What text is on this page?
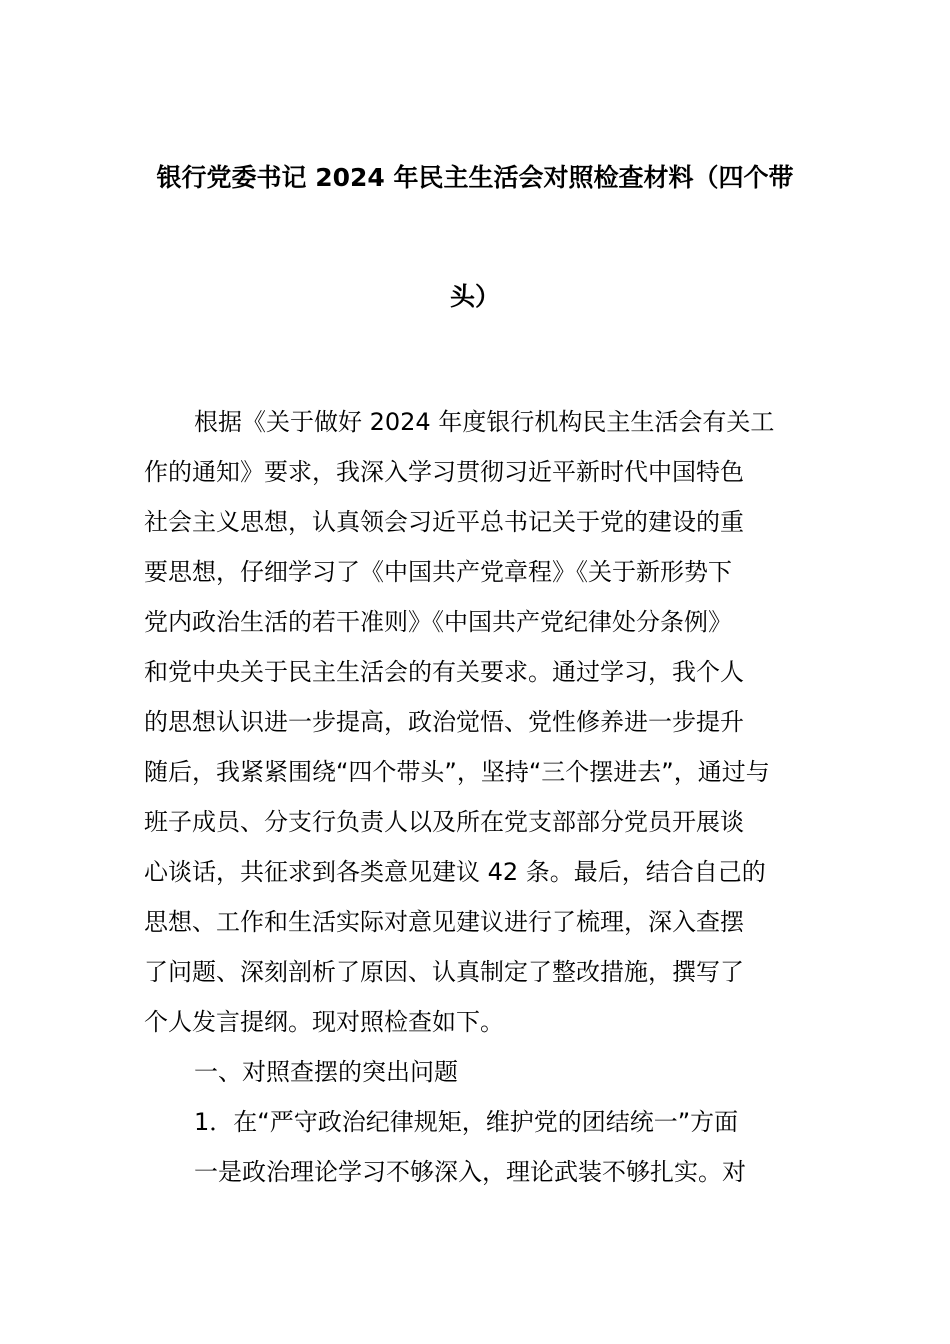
银行党委书记 2024 年民主生活会对照检查材料（四个带
头）
根据《关于做好 2024 年度银行机构民主生活会有关工
作的通知》要求，我深入学习贯彻习近平新时代中国特色
社会主义思想，认真领会习近平总书记关于党的建设的重
要思想，仔细学习了《中国共产党章程》《关于新形势下
党内政治生活的若干准则》《中国共产党纪律处分条例》
和党中央关于民主生活会的有关要求。通过学习，我个人
的思想认识进一步提高，政治觉悟、党性修养进一步提升
随后，我紧紧围绕“四个带头”，坚持“三个摆进去”，通过与
班子成员、分支行负责人以及所在党支部部分党员开展谈
心谈话，共征求到各类意见建议 42 条。最后，结合自己的
思想、工作和生活实际对意见建议进行了梳理，深入查摆
了问题、深刻剖析了原因、认真制定了整改措施，撰写了
个人发言提纲。现对照检查如下。
一、对照查摆的突出问题
1．在“严守政治纪律规矩，维护党的团结统一”方面
一是政治理论学习不够深入，理论武装不够扎实。对
